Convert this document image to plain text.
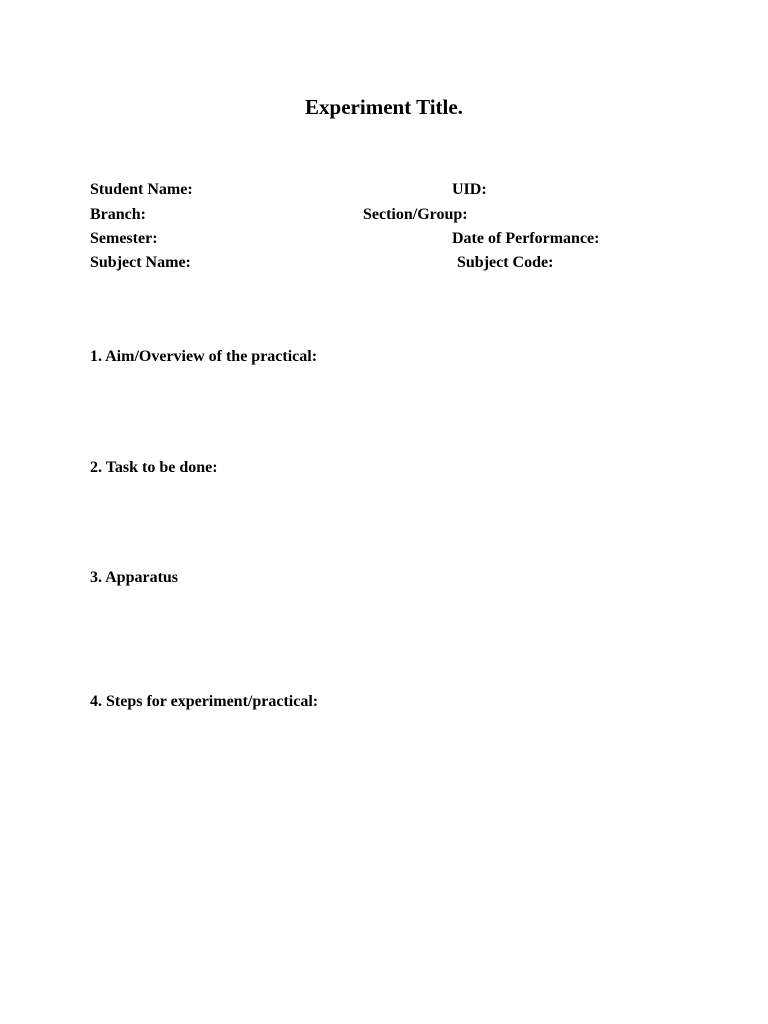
Experiment Title.
Student Name:	UID:
Branch:	Section/Group:
Semester:	Date of Performance:
Subject Name:	Subject Code:
1. Aim/Overview of the practical:
2. Task to be done:
3. Apparatus
4. Steps for experiment/practical:
